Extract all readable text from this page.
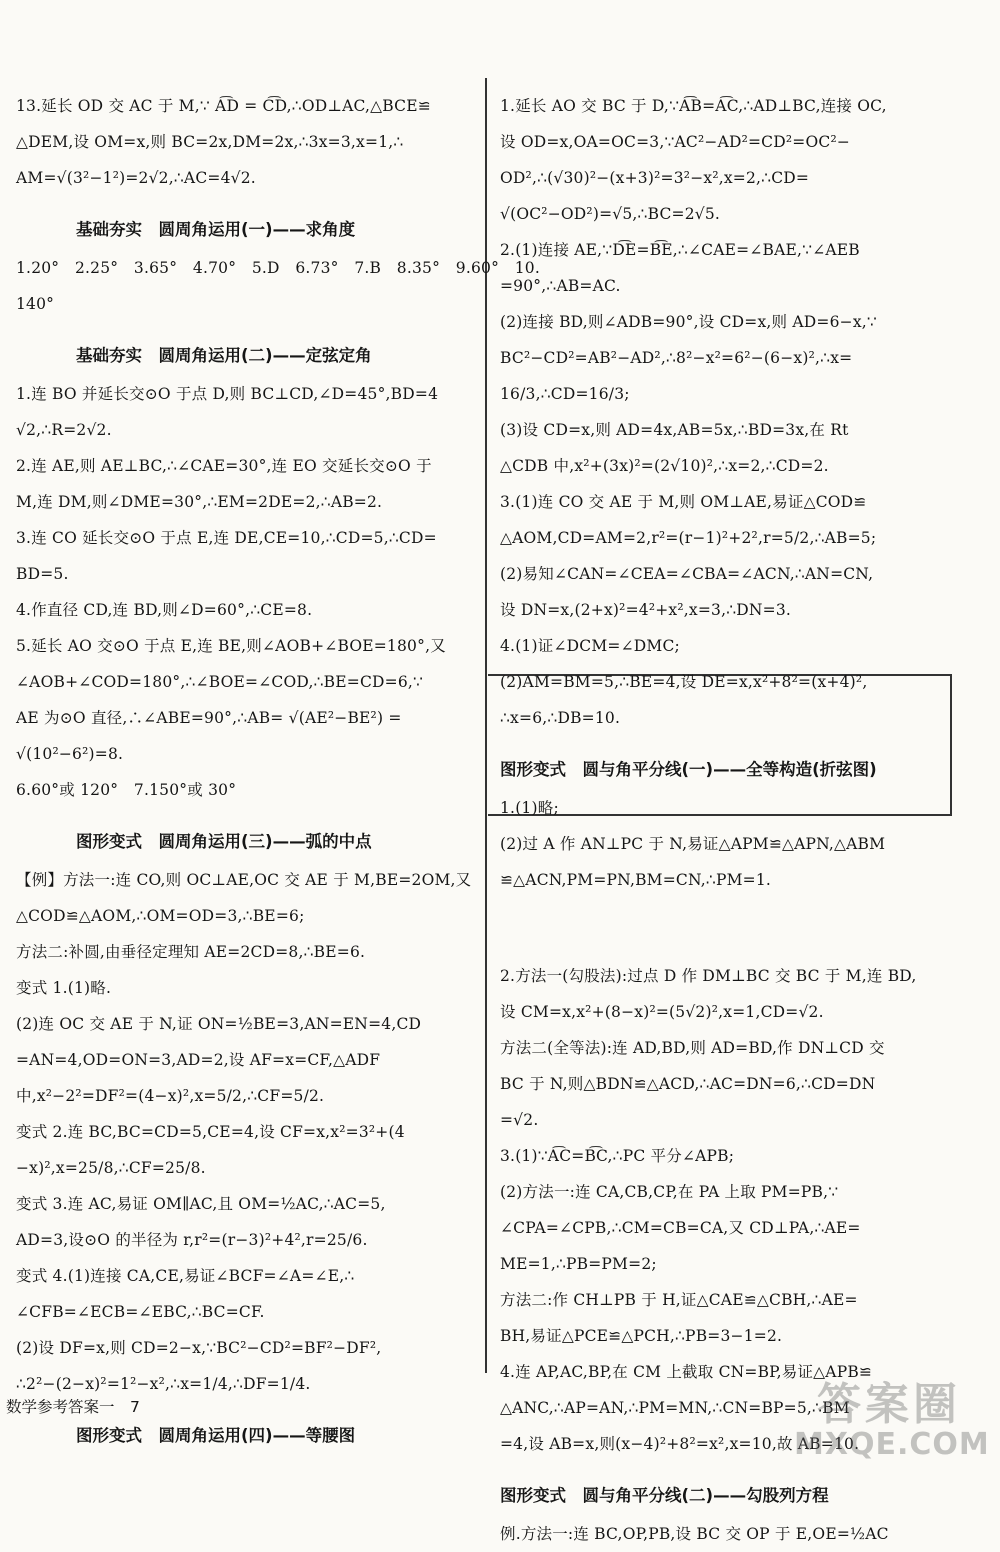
13.延长 OD 交 AC 于 M,∵ A͡D = C͡D,∴OD⊥AC,△BCE≌
△DEM,设 OM=x,则 BC=2x,DM=2x,∴3x=3,x=1,∴
AM=√(3²−1²)=2√2,∴AC=4√2.
基础夯实　圆周角运用(一)——求角度
1.20°　2.25°　3.65°　4.70°　5.D　6.73°　7.B　8.35°　9.60°　10.
140°
基础夯实　圆周角运用(二)——定弦定角
1.连 BO 并延长交⊙O 于点 D,则 BC⊥CD,∠D=45°,BD=4
√2,∴R=2√2.
2.连 AE,则 AE⊥BC,∴∠CAE=30°,连 EO 交延长交⊙O 于
M,连 DM,则∠DME=30°,∴EM=2DE=2,∴AB=2.
3.连 CO 延长交⊙O 于点 E,连 DE,CE=10,∴CD=5,∴CD=
BD=5.
4.作直径 CD,连 BD,则∠D=60°,∴CE=8.
5.延长 AO 交⊙O 于点 E,连 BE,则∠AOB+∠BOE=180°,又
∠AOB+∠COD=180°,∴∠BOE=∠COD,∴BE=CD=6,∵
AE 为⊙O 直径,∴∠ABE=90°,∴AB= √(AE²−BE²) =
√(10²−6²)=8.
6.60°或 120°　7.150°或 30°
图形变式　圆周角运用(三)——弧的中点
【例】方法一:连 CO,则 OC⊥AE,OC 交 AE 于 M,BE=2OM,又
△COD≌△AOM,∴OM=OD=3,∴BE=6;
方法二:补圆,由垂径定理知 AE=2CD=8,∴BE=6.
变式 1.(1)略.
(2)连 OC 交 AE 于 N,证 ON=½BE=3,AN=EN=4,CD
=AN=4,OD=ON=3,AD=2,设 AF=x=CF,△ADF
中,x²−2²=DF²=(4−x)²,x=5/2,∴CF=5/2.
变式 2.连 BC,BC=CD=5,CE=4,设 CF=x,x²=3²+(4
−x)²,x=25/8,∴CF=25/8.
变式 3.连 AC,易证 OM∥AC,且 OM=½AC,∴AC=5,
AD=3,设⊙O 的半径为 r,r²=(r−3)²+4²,r=25/6.
变式 4.(1)连接 CA,CE,易证∠BCF=∠A=∠E,∴
∠CFB=∠ECB=∠EBC,∴BC=CF.
(2)设 DF=x,则 CD=2−x,∵BC²−CD²=BF²−DF²,
∴2²−(2−x)²=1²−x²,∴x=1/4,∴DF=1/4.
图形变式　圆周角运用(四)——等腰图
1.延长 AO 交 BC 于 D,∵A͡B=A͡C,∴AD⊥BC,连接 OC,
设 OD=x,OA=OC=3,∵AC²−AD²=CD²=OC²−
OD²,∴(√30)²−(x+3)²=3²−x²,x=2,∴CD=
√(OC²−OD²)=√5,∴BC=2√5.
2.(1)连接 AE,∵D͡E=B͡E,∴∠CAE=∠BAE,∵∠AEB
=90°,∴AB=AC.
(2)连接 BD,则∠ADB=90°,设 CD=x,则 AD=6−x,∵
BC²−CD²=AB²−AD²,∴8²−x²=6²−(6−x)²,∴x=
16/3,∴CD=16/3;
(3)设 CD=x,则 AD=4x,AB=5x,∴BD=3x,在 Rt
△CDB 中,x²+(3x)²=(2√10)²,∴x=2,∴CD=2.
3.(1)连 CO 交 AE 于 M,则 OM⊥AE,易证△COD≌
△AOM,CD=AM=2,r²=(r−1)²+2²,r=5/2,∴AB=5;
(2)易知∠CAN=∠CEA=∠CBA=∠ACN,∴AN=CN,
设 DN=x,(2+x)²=4²+x²,x=3,∴DN=3.
4.(1)证∠DCM=∠DMC;
(2)AM=BM=5,∴BE=4,设 DE=x,x²+8²=(x+4)²,
∴x=6,∴DB=10.
图形变式　圆与角平分线(一)——全等构造(折弦图)
1.(1)略;
(2)过 A 作 AN⊥PC 于 N,易证△APM≌△APN,△ABM
≌△ACN,PM=PN,BM=CN,∴PM=1.
2.方法一(勾股法):过点 D 作 DM⊥BC 交 BC 于 M,连 BD,
设 CM=x,x²+(8−x)²=(5√2)²,x=1,CD=√2.
方法二(全等法):连 AD,BD,则 AD=BD,作 DN⊥CD 交
BC 于 N,则△BDN≌△ACD,∴AC=DN=6,∴CD=DN
=√2.
3.(1)∵A͡C=B͡C,∴PC 平分∠APB;
(2)方法一:连 CA,CB,CP,在 PA 上取 PM=PB,∵
∠CPA=∠CPB,∴CM=CB=CA,又 CD⊥PA,∴AE=
ME=1,∴PB=PM=2;
方法二:作 CH⊥PB 于 H,证△CAE≌△CBH,∴AE=
BH,易证△PCE≌△PCH,∴PB=3−1=2.
4.连 AP,AC,BP,在 CM 上截取 CN=BP,易证△APB≌
△ANC,∴AP=AN,∴PM=MN,∴CN=BP=5,∴BM
=4,设 AB=x,则(x−4)²+8²=x²,x=10,故 AB=10.
图形变式　圆与角平分线(二)——勾股列方程
例.方法一:连 BC,OP,PB,设 BC 交 OP 于 E,OE=½AC
数学参考答案一　7	答案圈
MXQE.COM
